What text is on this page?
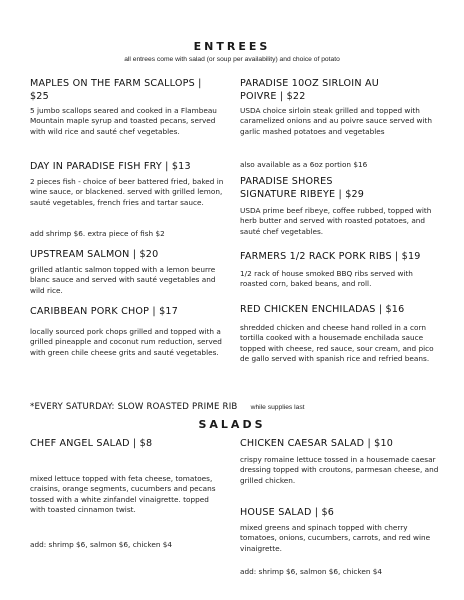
ENTREES
all entrees come with salad (or soup per availability) and choice of potato
MAPLES ON THE FARM SCALLOPS | $25
5 jumbo scallops seared and cooked in a Flambeau Mountain maple syrup and toasted pecans, served with wild rice and sauté chef vegetables.
DAY IN PARADISE FISH FRY | $13
2 pieces fish - choice of beer battered fried, baked in wine sauce, or blackened. served with grilled lemon, sauté vegetables, french fries and tartar sauce.
add shrimp $6. extra piece of fish $2
UPSTREAM SALMON | $20
grilled atlantic salmon topped with a lemon beurre blanc sauce and served with sauté vegetables and wild rice.
CARIBBEAN PORK CHOP | $17
locally sourced pork chops grilled and topped with a grilled pineapple and coconut rum reduction, served with green chile cheese grits and sauté vegetables.
PARADISE 10OZ SIRLOIN AU POIVRE | $22
USDA choice sirloin steak grilled and topped with caramelized onions and au poivre sauce served with garlic mashed potatoes and vegetables
also available as a 6oz portion $16
PARADISE SHORES SIGNATURE RIBEYE | $29
USDA prime beef ribeye, coffee rubbed, topped with herb butter and served with roasted potatoes, and sauté chef vegetables.
FARMERS 1/2 RACK PORK RIBS | $19
1/2 rack of house smoked BBQ ribs served with roasted corn, baked beans, and roll.
RED CHICKEN ENCHILADAS | $16
shredded chicken and cheese hand rolled in a corn tortilla cooked with a housemade enchilada sauce topped with cheese, red sauce, sour cream, and pico de gallo served with spanish rice and refried beans.
*EVERY SATURDAY: SLOW ROASTED PRIME RIB while supplies last
SALADS
CHEF ANGEL SALAD | $8
mixed lettuce topped with feta cheese, tomatoes, craisins, orange segments, cucumbers and pecans tossed with a white zinfandel vinaigrette. topped with toasted cinnamon twist.
add: shrimp $6, salmon $6, chicken $4
CHICKEN CAESAR SALAD | $10
crispy romaine lettuce tossed in a housemade caesar dressing topped with croutons, parmesan cheese, and grilled chicken.
HOUSE SALAD | $6
mixed greens and spinach topped with cherry tomatoes, onions, cucumbers, carrots, and red wine vinaigrette.
add: shrimp $6, salmon $6, chicken $4
